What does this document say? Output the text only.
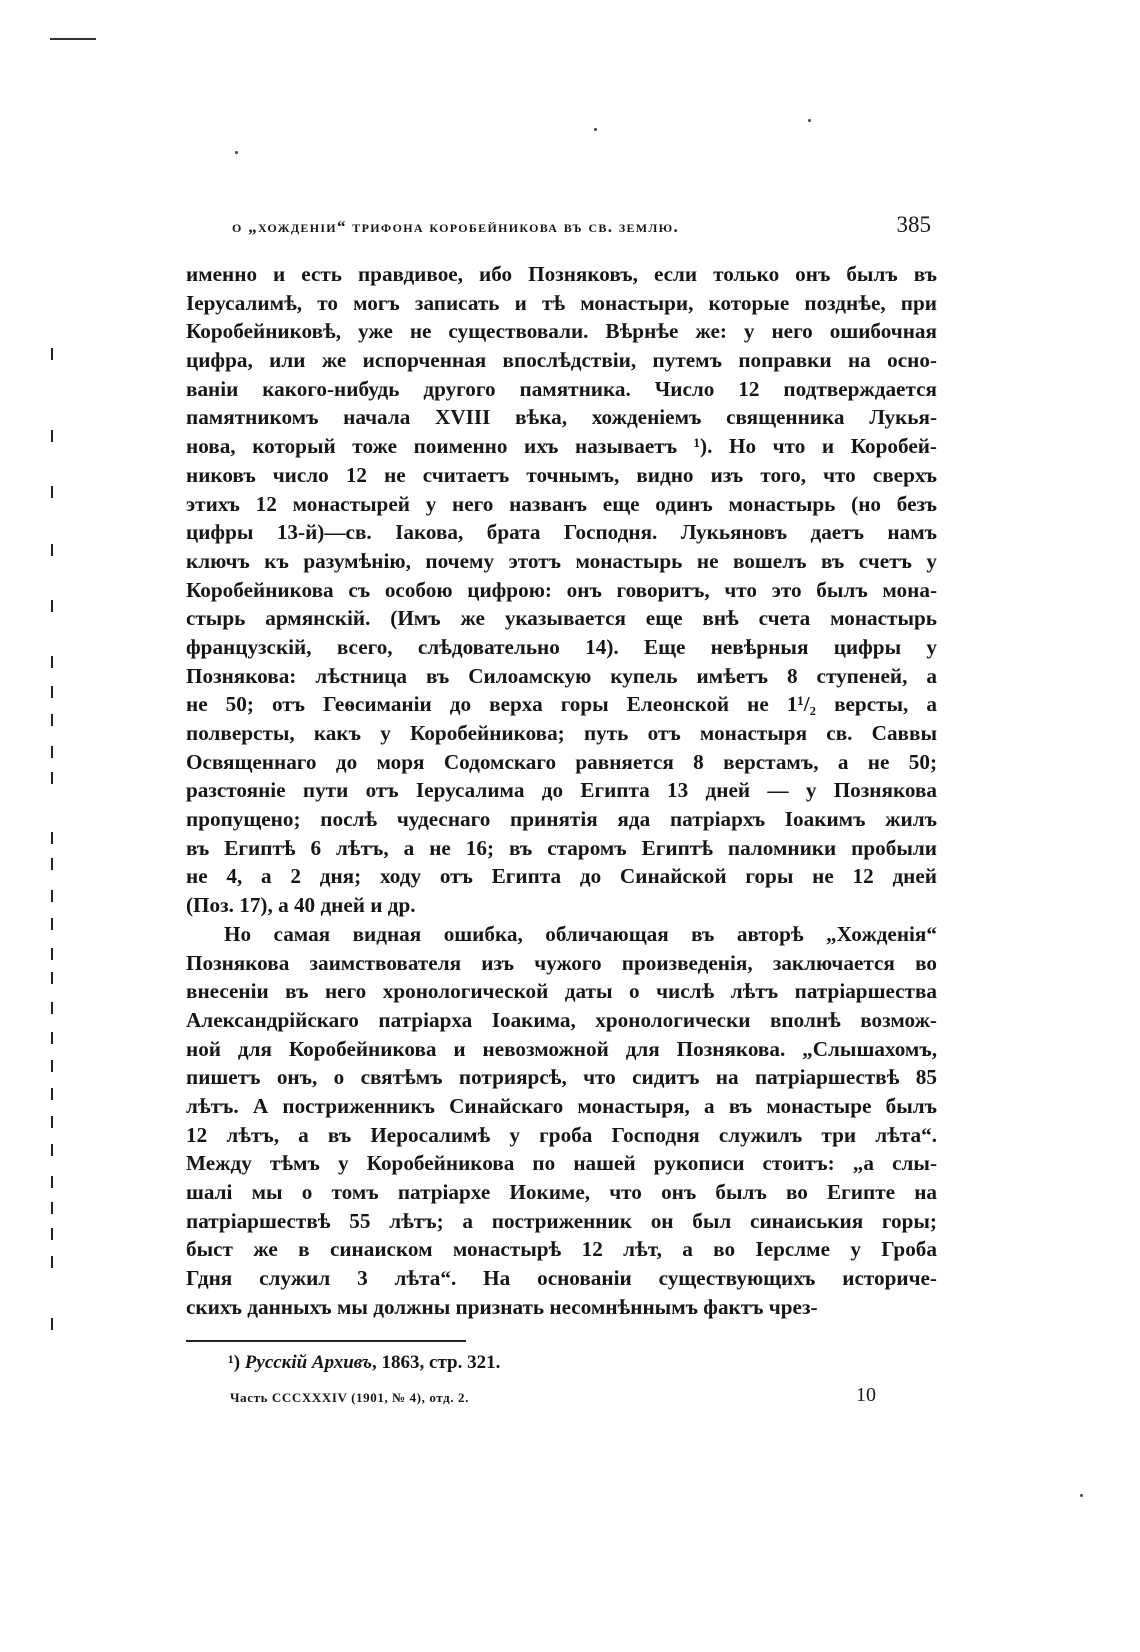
о „хожденіи“ трифона коробейникова въ св. землю.	385
именно и есть правдивое, ибо Позняковъ, если только онъ былъ въ
Іерусалимѣ, то могъ записать и тѣ монастыри, которые позднѣе, при
Коробейниковѣ, уже не существовали. Вѣрнѣе же: у него ошибочная
цифра, или же испорченная впослѣдствіи, путемъ поправки на осно-
ваніи какого-нибудь другого памятника. Число 12 подтверждается
памятникомъ начала XVIII вѣка, хожденіемъ священника Лукья-
нова, который тоже поименно ихъ называетъ ¹). Но что и Коробей-
никовъ число 12 не считаетъ точнымъ, видно изъ того, что сверхъ
этихъ 12 монастырей у него названъ еще одинъ монастырь (но безъ
цифры 13-й)—св. Іакова, брата Господня. Лукьяновъ даетъ намъ
ключъ къ разумѣнію, почему этотъ монастырь не вошелъ въ счетъ у
Коробейникова съ особою цифрою: онъ говоритъ, что это былъ мона-
стырь армянскій. (Имъ же указывается еще внѣ счета монастырь
французскій, всего, слѣдовательно 14). Еще невѣрныя цифры у
Познякова: лѣстница въ Силоамскую купель имѣетъ 8 ступеней, а
не 50; отъ Геѳсиманіи до верха горы Елеонской не 1¹/₂ версты, а
полверсты, какъ у Коробейникова; путь отъ монастыря св. Саввы
Освященнаго до моря Содомскаго равняется 8 верстамъ, а не 50;
разстояніе пути отъ Іерусалима до Египта 13 дней — у Познякова
пропущено; послѣ чудеснаго принятія яда патріархъ Іоакимъ жилъ
въ Египтѣ 6 лѣтъ, а не 16; въ старомъ Египтѣ паломники пробыли
не 4, а 2 дня; ходу отъ Египта до Синайской горы не 12 дней
(Поз. 17), а 40 дней и др.
Но самая видная ошибка, обличающая въ авторѣ „Хожденія“
Познякова заимствователя изъ чужого произведенія, заключается во
внесеніи въ него хронологической даты о числѣ лѣтъ патріаршества
Александрійскаго патріарха Іоакима, хронологически вполнѣ возмож-
ной для Коробейникова и невозможной для Познякова. „Слышахомъ,
пишетъ онъ, о святѣмъ потриярсѣ, что сидитъ на патріаршествѣ 85
лѣтъ. А постриженникъ Синайскаго монастыря, а въ монастыре былъ
12 лѣтъ, а въ Иеросалимѣ у гроба Господня служилъ три лѣта“.
Между тѣмъ у Коробейникова по нашей рукописи стоитъ: „а слы-
шалі мы о томъ патріархе Иокиме, что онъ былъ во Египте на
патріаршествѣ 55 лѣтъ; а постриженник он был синаиськия горы;
быст же в синаиском монастырѣ 12 лѣт, а во Іерслме у Гроба
Гдня служил 3 лѣта“. На основаніи существующихъ историче-
скихъ данныхъ мы должны признать несомнѣннымъ фактъ чрез-
¹) Русскій Архивъ, 1863, стр. 321.
Часть CCCXXXIV (1901, № 4), отд. 2.	10
